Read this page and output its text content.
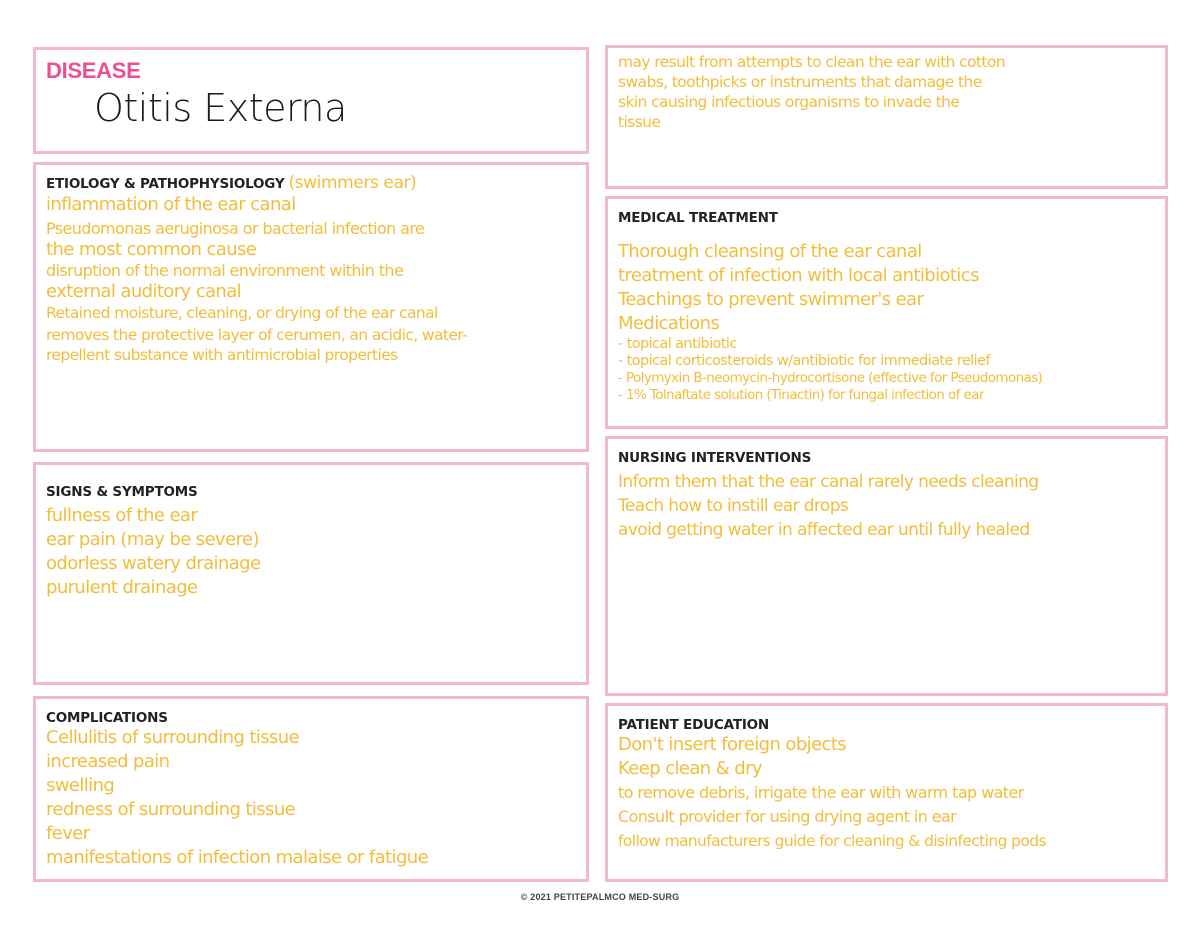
DISEASE
Otitis Externa
ETIOLOGY & PATHOPHYSIOLOGY (swimmers ear)
inflammation of the ear canal
Pseudomonas aeruginosa or bacterial infection are
the most common cause
disruption of the normal environment within the
external auditory canal
Retained moisture, cleaning, or drying of the ear canal
removes the protective layer of cerumen, an acidic, water-
repellent substance with antimicrobial properties
SIGNS & SYMPTOMS
fullness of the ear
ear pain (may be severe)
odorless watery drainage
purulent drainage
COMPLICATIONS
Cellulitis of surrounding tissue
increased pain
swelling
redness of surrounding tissue
fever
manifestations of infection malaise or fatigue
may result from attempts to clean the ear with cotton
swabs, toothpicks or instruments that damage the
skin causing infectious organisms to invade the
tissue
MEDICAL TREATMENT
Thorough cleansing of the ear canal
treatment of infection with local antibiotics
Teachings to prevent swimmer's ear
Medications
- topical antibiotic
- topical corticosteroids w/antibiotic for immediate relief
- Polymyxin B-neomycin-hydrocortisone (effective for Pseudomonas)
- 1% Tolnaftate solution (Tinactin) for fungal infection of ear
NURSING INTERVENTIONS
Inform them that the ear canal rarely needs cleaning
Teach how to instill ear drops
avoid getting water in affected ear until fully healed
PATIENT EDUCATION
Don't insert foreign objects
Keep clean & dry
to remove debris, irrigate the ear with warm tap water
Consult provider for using drying agent in ear
follow manufacturers guide for cleaning & disinfecting pods
© 2021 PETITEPALMCO MED-SURG
